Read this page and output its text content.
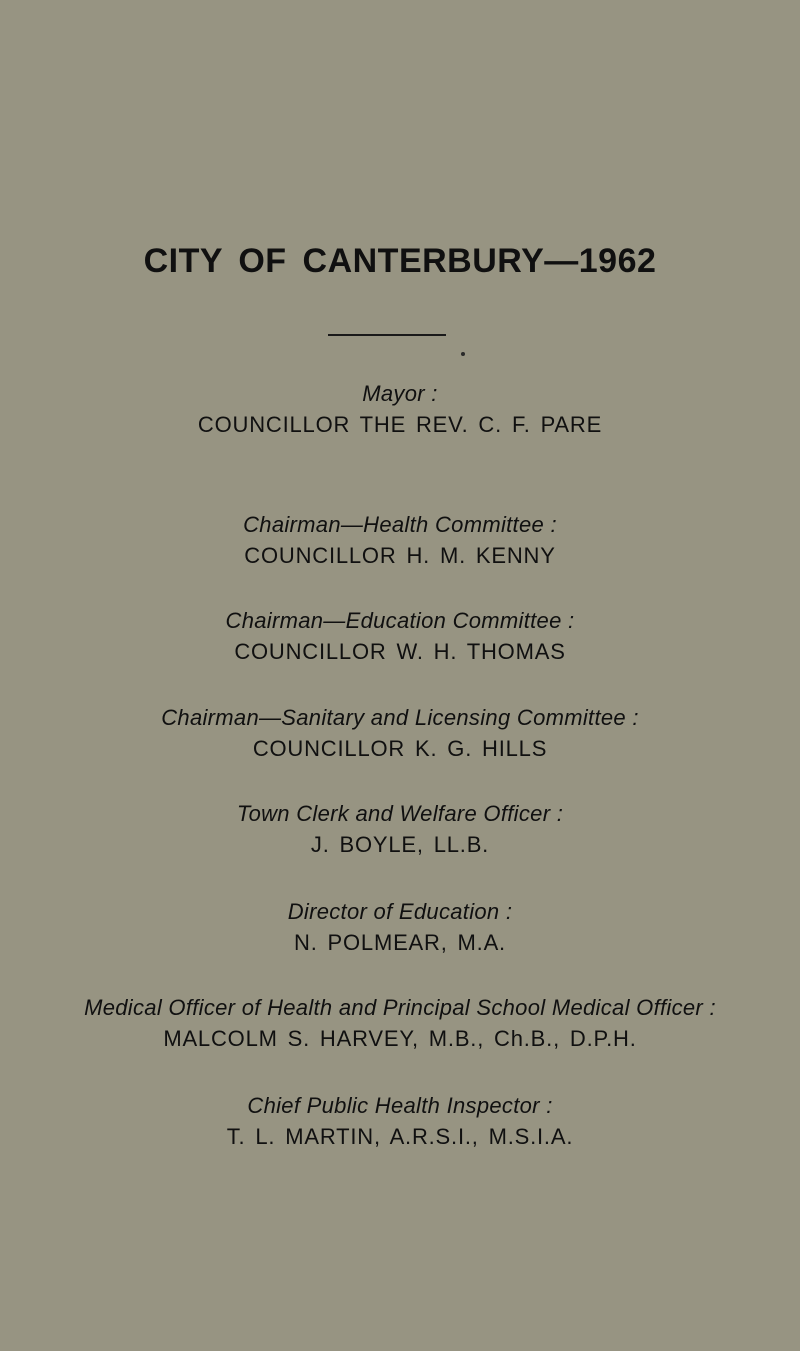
CITY OF CANTERBURY—1962
Mayor :
COUNCILLOR THE REV. C. F. PARE
Chairman—Health Committee :
COUNCILLOR H. M. KENNY
Chairman—Education Committee :
COUNCILLOR W. H. THOMAS
Chairman—Sanitary and Licensing Committee :
COUNCILLOR K. G. HILLS
Town Clerk and Welfare Officer :
J. BOYLE, LL.B.
Director of Education :
N. POLMEAR, M.A.
Medical Officer of Health and Principal School Medical Officer :
MALCOLM S. HARVEY, M.B., Ch.B., D.P.H.
Chief Public Health Inspector :
T. L. MARTIN, A.R.S.I., M.S.I.A.
